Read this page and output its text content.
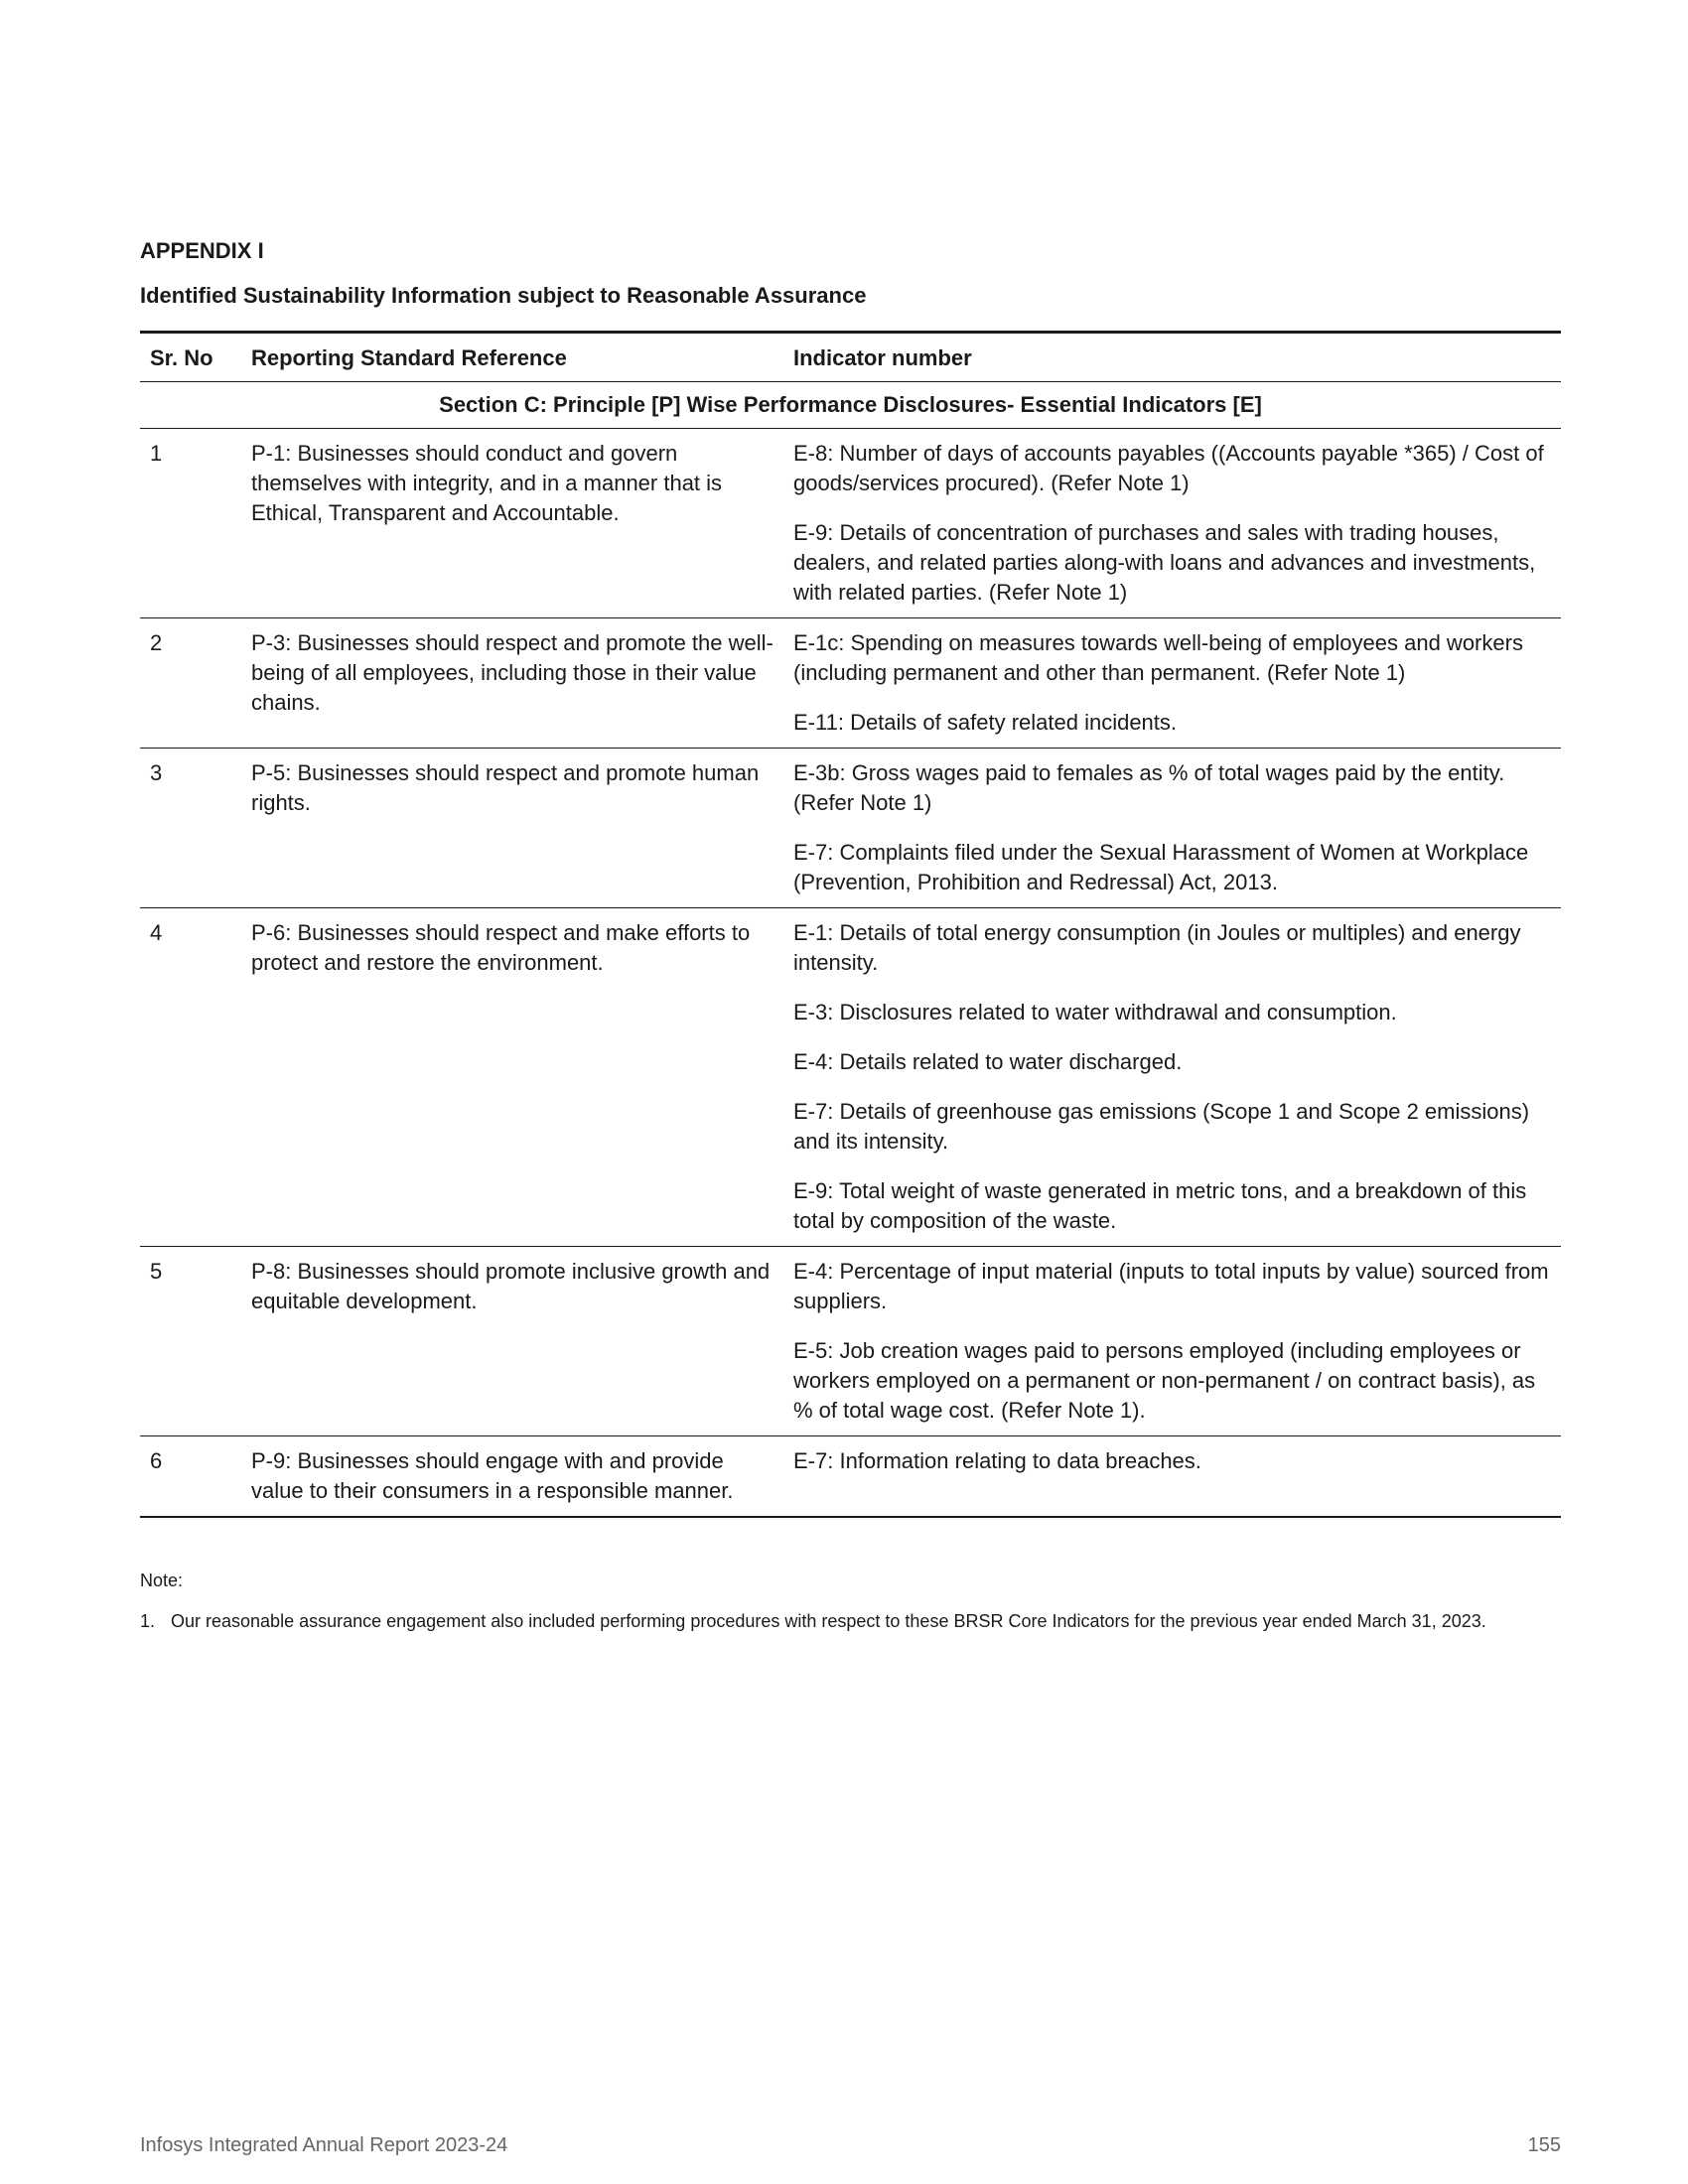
APPENDIX I
Identified Sustainability Information subject to Reasonable Assurance
Sr. No	Reporting Standard Reference	Indicator number
Section C: Principle [P] Wise Performance Disclosures- Essential Indicators [E]		
1	P-1: Businesses should conduct and govern themselves with integrity, and in a manner that is Ethical, Transparent and Accountable.	E-8: Number of days of accounts payables ((Accounts payable *365) / Cost of goods/services procured). (Refer Note 1)

E-9: Details of concentration of purchases and sales with trading houses, dealers, and related parties along-with loans and advances and investments, with related parties. (Refer Note 1)

2	P-3: Businesses should respect and promote the well-being of all employees, including those in their value chains.	E-1c: Spending on measures towards well-being of employees and workers (including permanent and other than permanent. (Refer Note 1)

E-11: Details of safety related incidents.

3	P-5: Businesses should respect and promote human rights.	E-3b: Gross wages paid to females as % of total wages paid by the entity. (Refer Note 1)

E-7: Complaints filed under the Sexual Harassment of Women at Workplace (Prevention, Prohibition and Redressal) Act, 2013.

4	P-6: Businesses should respect and make efforts to protect and restore the environment.	E-1: Details of total energy consumption (in Joules or multiples) and energy intensity.

E-3: Disclosures related to water withdrawal and consumption.

E-4: Details related to water discharged.

E-7: Details of greenhouse gas emissions (Scope 1 and Scope 2 emissions) and its intensity.

E-9: Total weight of waste generated in metric tons, and a breakdown of this total by composition of the waste.

5	P-8: Businesses should promote inclusive growth and equitable development.	E-4: Percentage of input material (inputs to total inputs by value) sourced from suppliers.

E-5: Job creation wages paid to persons employed (including employees or workers employed on a permanent or non-permanent / on contract basis), as % of total wage cost. (Refer Note 1).

6	P-9: Businesses should engage with and provide value to their consumers in a responsible manner.	E-7: Information relating to data breaches.

Note:

1. Our reasonable assurance engagement also included performing procedures with respect to these BRSR Core Indicators for the previous year ended March 31, 2023.

Infosys Integrated Annual Report 2023-24	155
